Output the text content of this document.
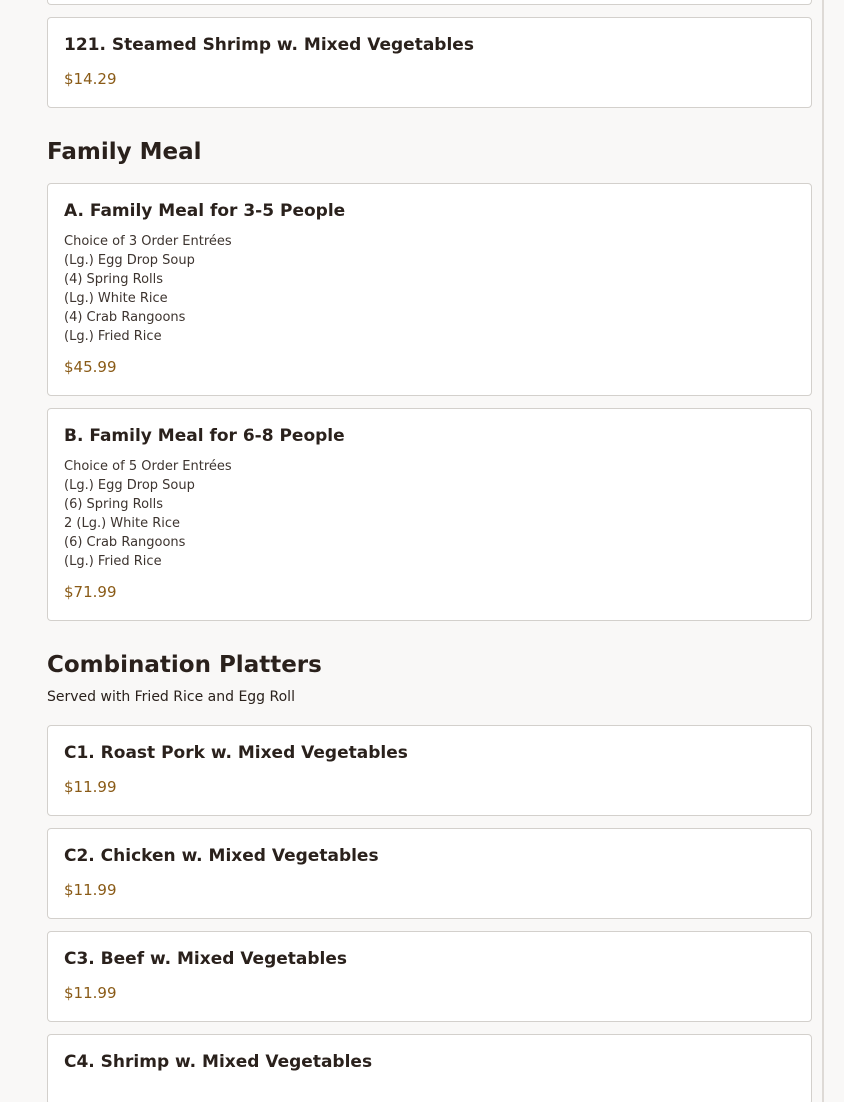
121. Steamed Shrimp w. Mixed Vegetables
$14.29
Family Meal
A. Family Meal for 3-5 People
Choice of 3 Order Entrées
(Lg.) Egg Drop Soup
(4) Spring Rolls
(Lg.) White Rice
(4) Crab Rangoons
(Lg.) Fried Rice
$45.99
B. Family Meal for 6-8 People
Choice of 5 Order Entrées
(Lg.) Egg Drop Soup
(6) Spring Rolls
2 (Lg.) White Rice
(6) Crab Rangoons
(Lg.) Fried Rice
$71.99
Combination Platters
Served with Fried Rice and Egg Roll
C1. Roast Pork w. Mixed Vegetables
$11.99
C2. Chicken w. Mixed Vegetables
$11.99
C3. Beef w. Mixed Vegetables
$11.99
C4. Shrimp w. Mixed Vegetables
